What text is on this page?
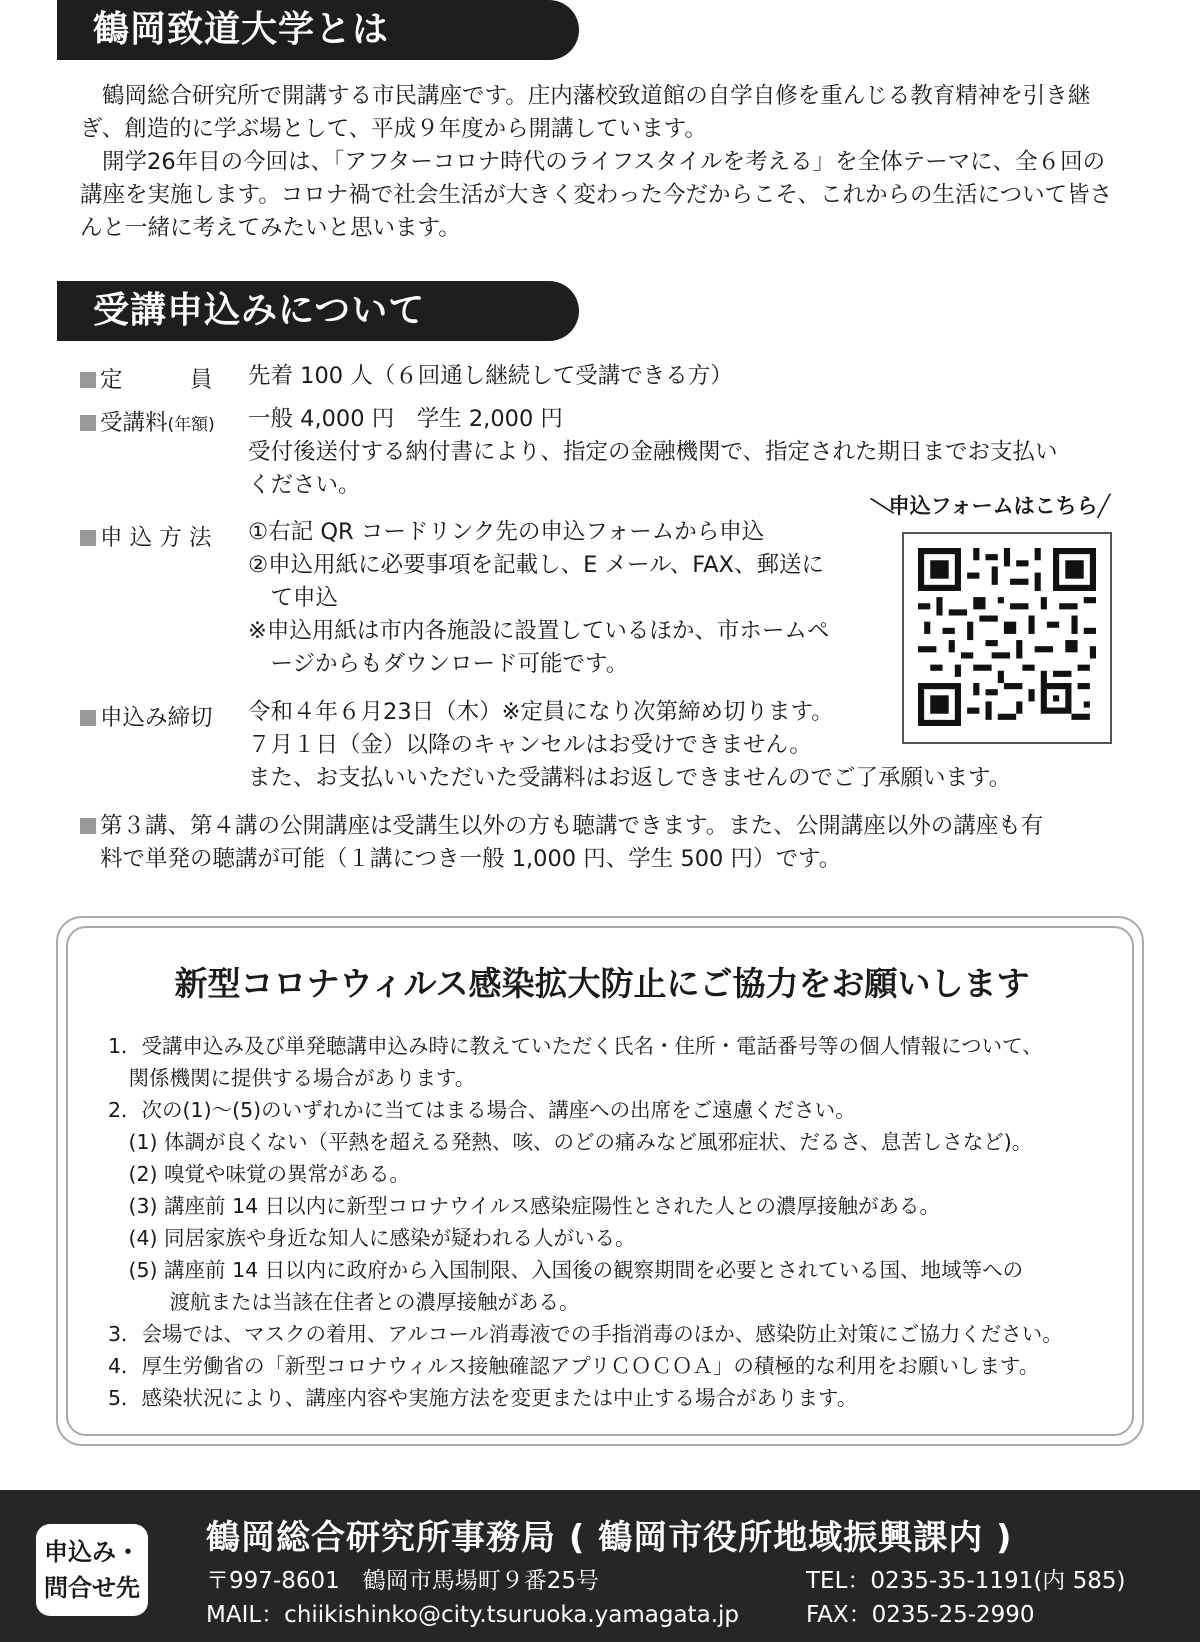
鶴岡致道大学とは

鶴岡総合研究所で開講する市民講座です。庄内藩校致道館の自学自修を重んじる教育精神を引き継ぎ、創造的に学ぶ場として、平成９年度から開講しています。

開学26年目の今回は、「アフターコロナ時代のライフスタイルを考える」を全体テーマに、全６回の講座を実施します。コロナ禍で社会生活が大きく変わった今だからこそ、これからの生活について皆さんと一緒に考えてみたいと思います。

受講申込みについて
定　　　員 先着 100 人（６回通し継続して受講できる方）
受講料(年額) 一般 4,000 円　学生 2,000 円
受付後送付する納付書により、指定の金融機関で、指定された期日までお支払い
ください。
申 込 方 法 ①右記 QR コードリンク先の申込フォームから申込
②申込用紙に必要事項を記載し、E メール、FAX、郵送に
　て申込
※申込用紙は市内各施設に設置しているほか、市ホームペ
　ージからもダウンロード可能です。
申込み締切 令和４年６月23日（木）※定員になり次第締め切ります。
７月１日（金）以降のキャンセルはお受けできません。
また、お支払いいただいた受講料はお返しできませんのでご了承願います。
第３講、第４講の公開講座は受講生以外の方も聴講できます。また、公開講座以外の講座も有
料で単発の聴講が可能（１講につき一般 1,000 円、学生 500 円）です。
╲申込フォームはこちら╱
新型コロナウィルス感染拡大防止にご協力をお願いします
1．受講申込み及び単発聴講申込み時に教えていただく氏名・住所・電話番号等の個人情報について、
　関係機関に提供する場合があります。
2．次の(1)～(5)のいずれかに当てはまる場合、講座への出席をご遠慮ください。
　(1) 体調が良くない（平熱を超える発熱、咳、のどの痛みなど風邪症状、だるさ、息苦しさなど)。
　(2) 嗅覚や味覚の異常がある。
　(3) 講座前 14 日以内に新型コロナウイルス感染症陽性とされた人との濃厚接触がある。
　(4) 同居家族や身近な知人に感染が疑われる人がいる。
　(5) 講座前 14 日以内に政府から入国制限、入国後の観察期間を必要とされている国、地域等への
　　　渡航または当該在住者との濃厚接触がある。
3．会場では、マスクの着用、アルコール消毒液での手指消毒のほか、感染防止対策にご協力ください。
4．厚生労働省の「新型コロナウィルス接触確認アプリＣＯＣＯＡ」の積極的な利用をお願いします。
5．感染状況により、講座内容や実施方法を変更または中止する場合があります。
申込み・
問合せ先
鶴岡総合研究所事務局 ( 鶴岡市役所地域振興課内 )
〒997-8601　鶴岡市馬場町９番25号
MAIL：chiikishinko@city.tsuruoka.yamagata.jp
TEL：0235-35-1191(内 585)
FAX：0235-25-2990
